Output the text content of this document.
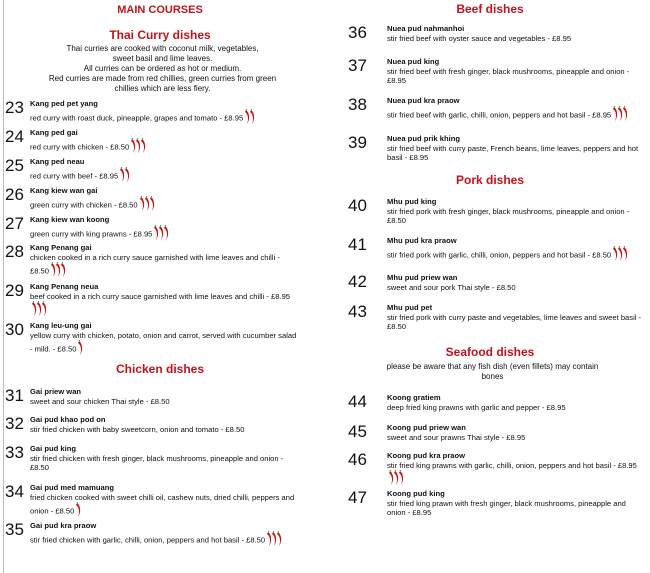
MAIN COURSES
Thai Curry dishes
Thai curries are cooked with coconut milk, vegetables,
sweet basil and lime leaves.
All curries can be ordered as hot or medium.
Red curries are made from red chillies, green curries from green
chillies which are less fiery.
Chicken dishes
Beef dishes
Pork dishes
Seafood dishes
please be aware that any fish dish (even fillets) may contain
bones
23 Kang ped pet yang
red curry with roast duck, pineapple, grapes and tomato - £8.95
24 Kang ped gai
red curry with chicken - £8.50
25 Kang ped neau
red curry with beef - £8.95
26 Kang kiew wan gai
green curry with chicken - £8.50
27 Kang kiew wan koong
green curry with king prawns - £8.95
28 Kang Penang gai
chicken cooked in a rich curry sauce garnished with lime leaves and chilli - £8.50
29 Kang Penang neua
beef cooked in a rich curry sauce garnished with lime leaves and chilli - £8.95
30 Kang leu-ung gai
yellow curry with chicken, potato, onion and carrot, served with cucumber salad - mild. - £8.50
31 Gai priew wan
sweet and sour chicken Thai style - £8.50
32 Gai pud khao pod on
stir fried chicken with baby sweetcorn, onion and tomato - £8.50
33 Gai pud king
stir fried chicken with fresh ginger, black mushrooms, pineapple and onion - £8.50
34 Gai pud med mamuang
fried chicken cooked with sweet chilli oil, cashew nuts, dried chilli, peppers and onion - £8.50
35 Gai pud kra praow
stir fried chicken with garlic, chilli, onion, peppers and hot basil - £8.50
36	Nuea pud nahmanhoi
stir fried beef with oyster sauce and vegetables - £8.95
37	Nuea pud king
stir fried beef with fresh ginger, black mushrooms, pineapple and onion - £8.95
38	Nuea pud kra praow
stir fried beef with garlic, chilli, onion, peppers and hot basil - £8.95
39	Nuea pud prik khing
stir fried beef with curry paste, French beans, lime leaves, peppers and hot basil - £8.95
40	Mhu pud king
stir fried pork with fresh ginger, black mushrooms, pineapple and onion - £8.50
41	Mhu pud kra praow
stir fried pork with garlic, chilli, onion, peppers and hot basil - £8.50
42	Mhu pud priew wan
sweet and sour pork Thai style - £8.50
43	Mhu pud pet
stir fried pork with curry paste and vegetables, lime leaves and sweet basil - £8.50
44	Koong gratiem
deep fried king prawns with garlic and pepper - £8.95
45	Koong pud priew wan
sweet and sour prawns Thai style - £8.95
46	Koong pud kra praow
stir fried king prawns with garlic, chilli, onion, peppers and hot basil - £8.95
47	Koong pud king
stir fried king prawn with fresh ginger, black mushrooms, pineapple and onion - £8.95
